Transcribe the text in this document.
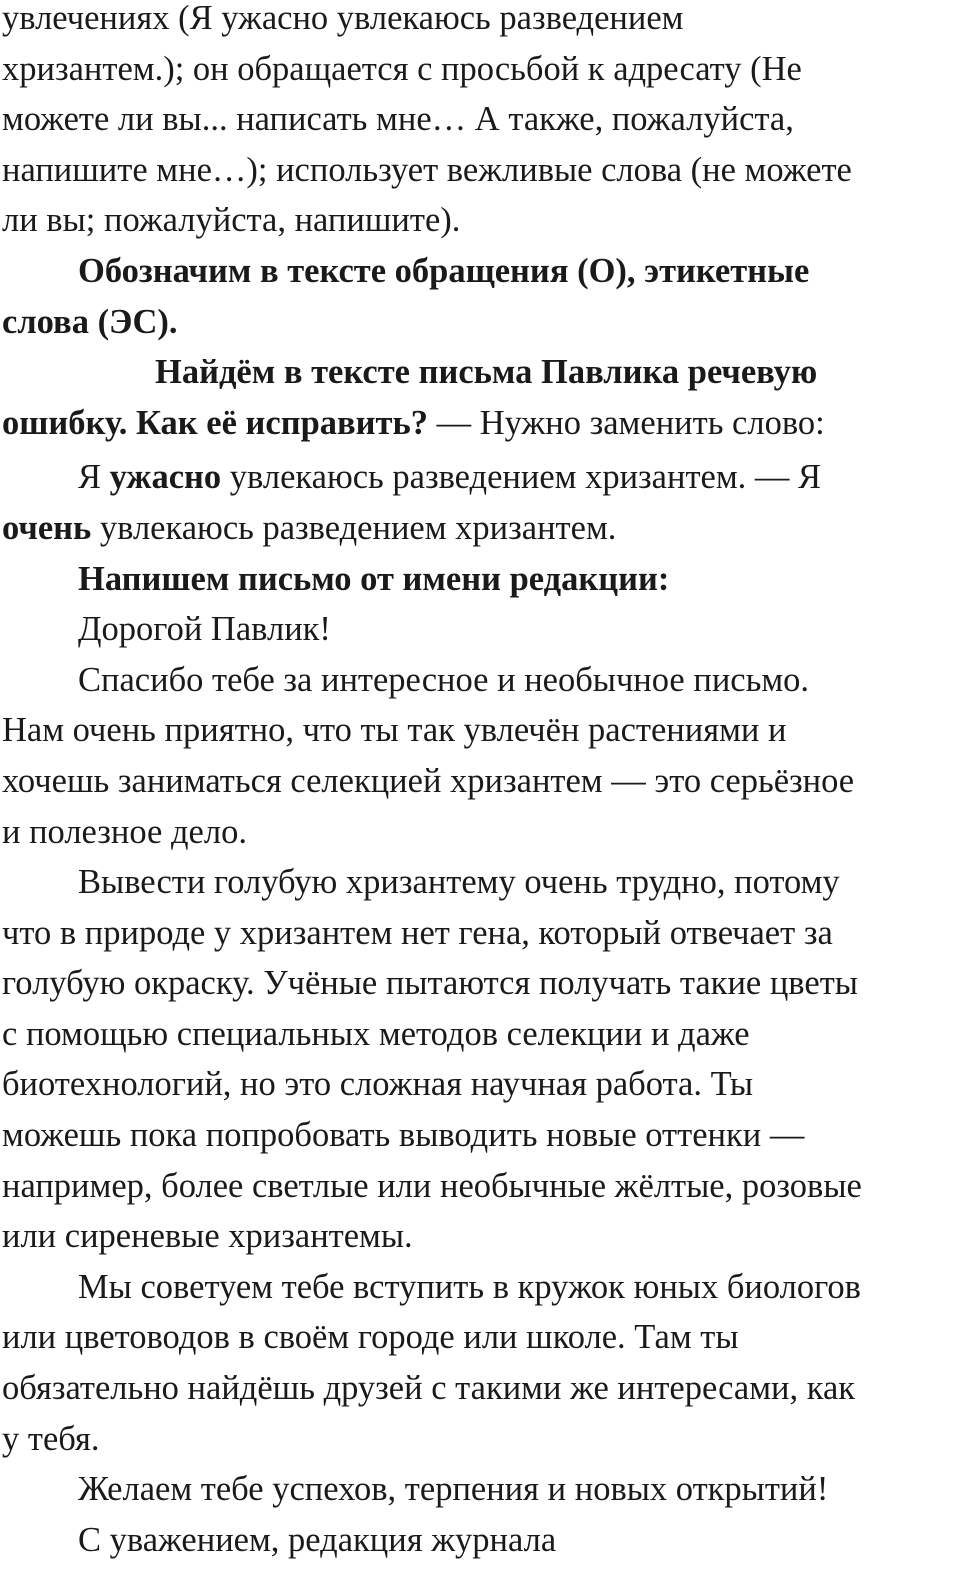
увлечениях (Я ужасно увлекаюсь разведением
хризантем.); он обращается с просьбой к адресату (Не
можете ли вы... написать мне… А также, пожалуйста,
напишите мне…); использует вежливые слова (не можете
ли вы; пожалуйста, напишите).
Обозначим в тексте обращения (О), этикетные
слова (ЭС).
Найдём в тексте письма Павлика речевую
ошибку. Как её исправить? — Нужно заменить слово:
Я ужасно увлекаюсь разведением хризантем. — Я
очень увлекаюсь разведением хризантем.
Напишем письмо от имени редакции:
Дорогой Павлик!
Спасибо тебе за интересное и необычное письмо.
Нам очень приятно, что ты так увлечён растениями и
хочешь заниматься селекцией хризантем — это серьёзное
и полезное дело.
Вывести голубую хризантему очень трудно, потому
что в природе у хризантем нет гена, который отвечает за
голубую окраску. Учёные пытаются получать такие цветы
с помощью специальных методов селекции и даже
биотехнологий, но это сложная научная работа. Ты
можешь пока попробовать выводить новые оттенки —
например, более светлые или необычные жёлтые, розовые
или сиреневые хризантемы.
Мы советуем тебе вступить в кружок юных биологов
или цветоводов в своём городе или школе. Там ты
обязательно найдёшь друзей с такими же интересами, как
у тебя.
Желаем тебе успехов, терпения и новых открытий!
С уважением, редакция журнала
